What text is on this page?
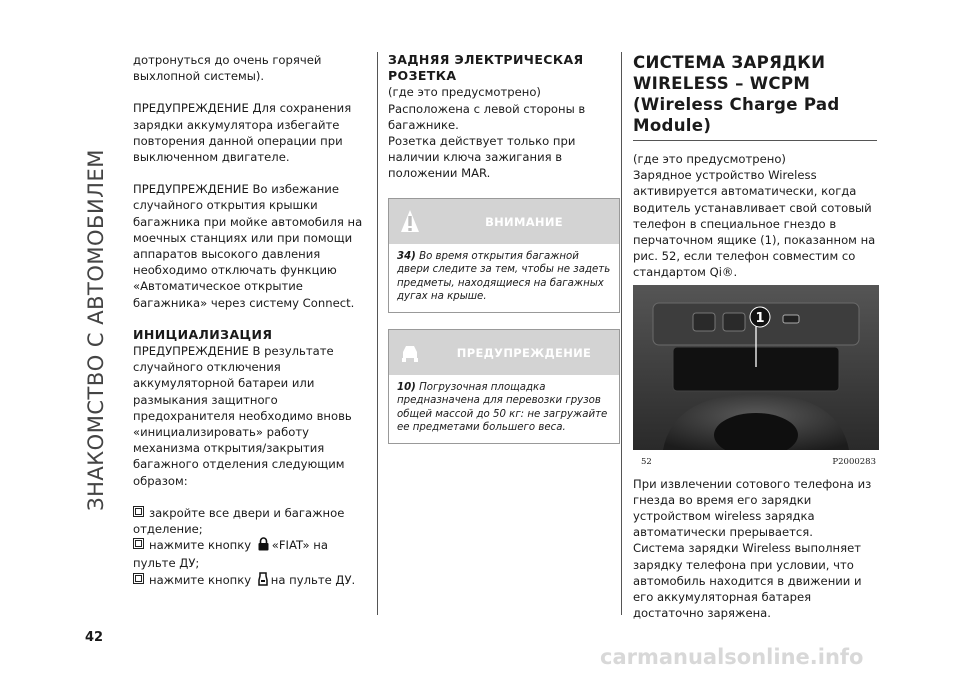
ЗНАКОМСТВО С АВТОМОБИЛЕМ
42

дотронуться до очень горячей выхлопной системы).

ПРЕДУПРЕЖДЕНИЕ Для сохранения зарядки аккумулятора избегайте повторения данной операции при выключенном двигателе.

ПРЕДУПРЕЖДЕНИЕ Во избежание случайного открытия крышки багажника при мойке автомобиля на моечных станциях или при помощи аппаратов высокого давления необходимо отключать функцию «Автоматическое открытие багажника» через систему Connect.

ИНИЦИАЛИЗАЦИЯ

ПРЕДУПРЕЖДЕНИЕ В результате случайного отключения аккумуляторной батареи или размыкания защитного предохранителя необходимо вновь «инициализировать» работу механизма открытия/закрытия багажного отделения следующим образом:

закройте все двери и багажное отделение;
нажмите кнопку «FIAT» на пульте ДУ;
нажмите кнопку на пульте ДУ.
ЗАДНЯЯ ЭЛЕКТРИЧЕСКАЯ РОЗЕТКА
(где это предусмотрено)
Расположена с левой стороны в багажнике.
Розетка действует только при наличии ключа зажигания в положении MAR.
ВНИМАНИЕ
34) Во время открытия багажной двери следите за тем, чтобы не задеть предметы, находящиеся на багажных дугах на крыше.
ПРЕДУПРЕЖДЕНИЕ
10) Погрузочная площадка предназначена для перевозки грузов общей массой до 50 кг: не загружайте ее предметами большего веса.
СИСТЕМА ЗАРЯДКИ WIRELESS – WCPM (Wireless Charge Pad Module)
(где это предусмотрено)
Зарядное устройство Wireless активируется автоматически, когда водитель устанавливает свой сотовый телефон в специальное гнездо в перчаточном ящике (1), показанном на рис. 52, если телефон совместим со стандартом Qi®.
1
52	P2000283
При извлечении сотового телефона из гнезда во время его зарядки устройством wireless зарядка автоматически прерывается.
Система зарядки Wireless выполняет зарядку телефона при условии, что автомобиль находится в движении и его аккумуляторная батарея достаточно заряжена.
carmanualsonline.info
